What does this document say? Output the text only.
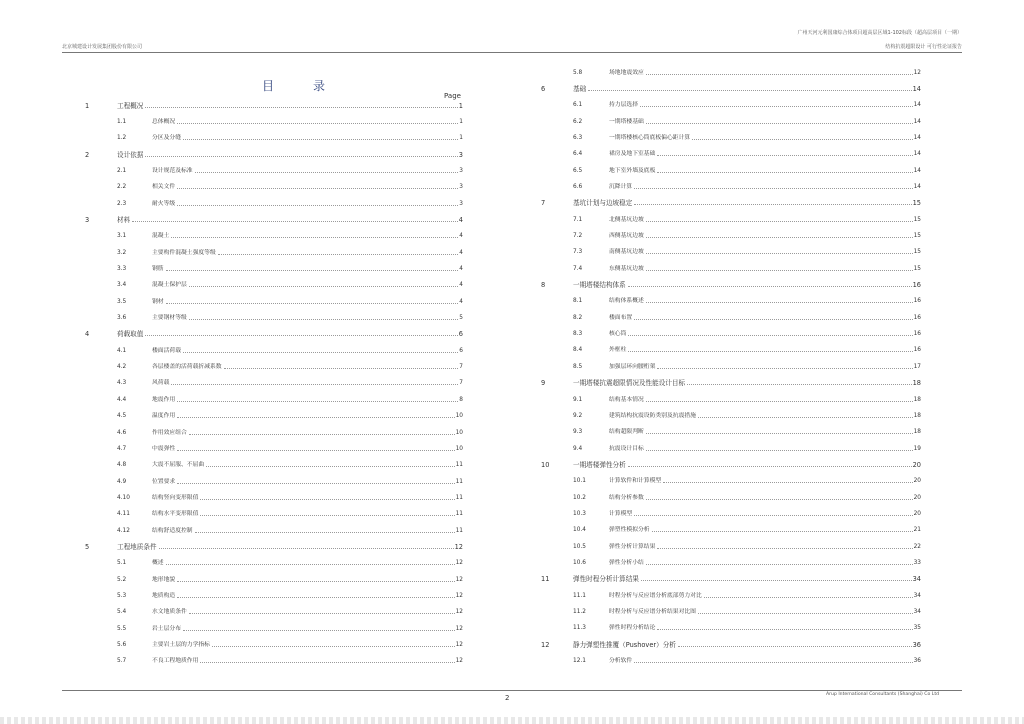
北京城建设计发展集团股份有限公司
广州天河元利国康综合体项目超高层区域1-102标段（超高层项目（一期）
结构抗震超限设计 可行性论证报告
目	录
Page
1	工程概况	1
1.1	总体概况	1
1.2	分区及分缝	1
2	设计依据	3
2.1	设计规范及标准	3
2.2	相关文件	3
2.3	耐火等级	3
3	材料	4
3.1	混凝土	4
3.2	主要构件混凝土强度等级	4
3.3	钢筋	4
3.4	混凝土保护层	4
3.5	钢材	4
3.6	主要钢材等级	5
4	荷载取值	6
4.1	楼面活荷载	6
4.2	各层楼盖的活荷载折减系数	7
4.3	风荷载	7
4.4	地震作用	8
4.5	温度作用	10
4.6	作用效应组合	10
4.7	中震弹性	10
4.8	大震不屈服、不屈曲	11
4.9	位置要求	11
4.10	结构竖向变形限值	11
4.11	结构水平变形限值	11
4.12	结构舒适度控制	11
5	工程地质条件	12
5.1	概述	12
5.2	地形地貌	12
5.3	地质构造	12
5.4	水文地质条件	12
5.5	岩土层分布	12
5.6	主要岩土层的力学指标	12
5.7	不良工程地质作用	12
5.8	场地地震效应	12
6	基础	14
6.1	持力层选择	14
6.2	一期塔楼基础	14
6.3	一期塔楼核心筒底板偏心距计算	14
6.4	裙房及地下室基础	14
6.5	地下室外墙及底板	14
6.6	沉降计算	14
7	基坑计划与边坡稳定	15
7.1	北侧基坑边坡	15
7.2	西侧基坑边坡	15
7.3	南侧基坑边坡	15
7.4	东侧基坑边坡	15
8	一期塔楼结构体系	16
8.1	结构体系概述	16
8.2	楼面布置	16
8.3	核心筒	16
8.4	外框柱	16
8.5	加强层环向腰桁架	17
9	一期塔楼抗震超限情况及性能设计目标	18
9.1	结构基本情况	18
9.2	建筑结构抗震设防类别及抗震措施	18
9.3	结构超限判断	18
9.4	抗震设计目标	19
10	一期塔楼弹性分析	20
10.1	计算软件和计算模型	20
10.2	结构分析参数	20
10.3	计算模型	20
10.4	弹塑性模拟分析	21
10.5	弹性分析计算结果	22
10.6	弹性分析小结	33
11	弹性时程分析计算结果	34
11.1	时程分析与反应谱分析底部剪力对比	34
11.2	时程分析与反应谱分析结果对比图	34
11.3	弹性时程分析结论	35
12	静力弹塑性推覆（Pushover）分析	36
12.1	分析软件	36
2	Arup International Consultants (Shanghai) Co Ltd
